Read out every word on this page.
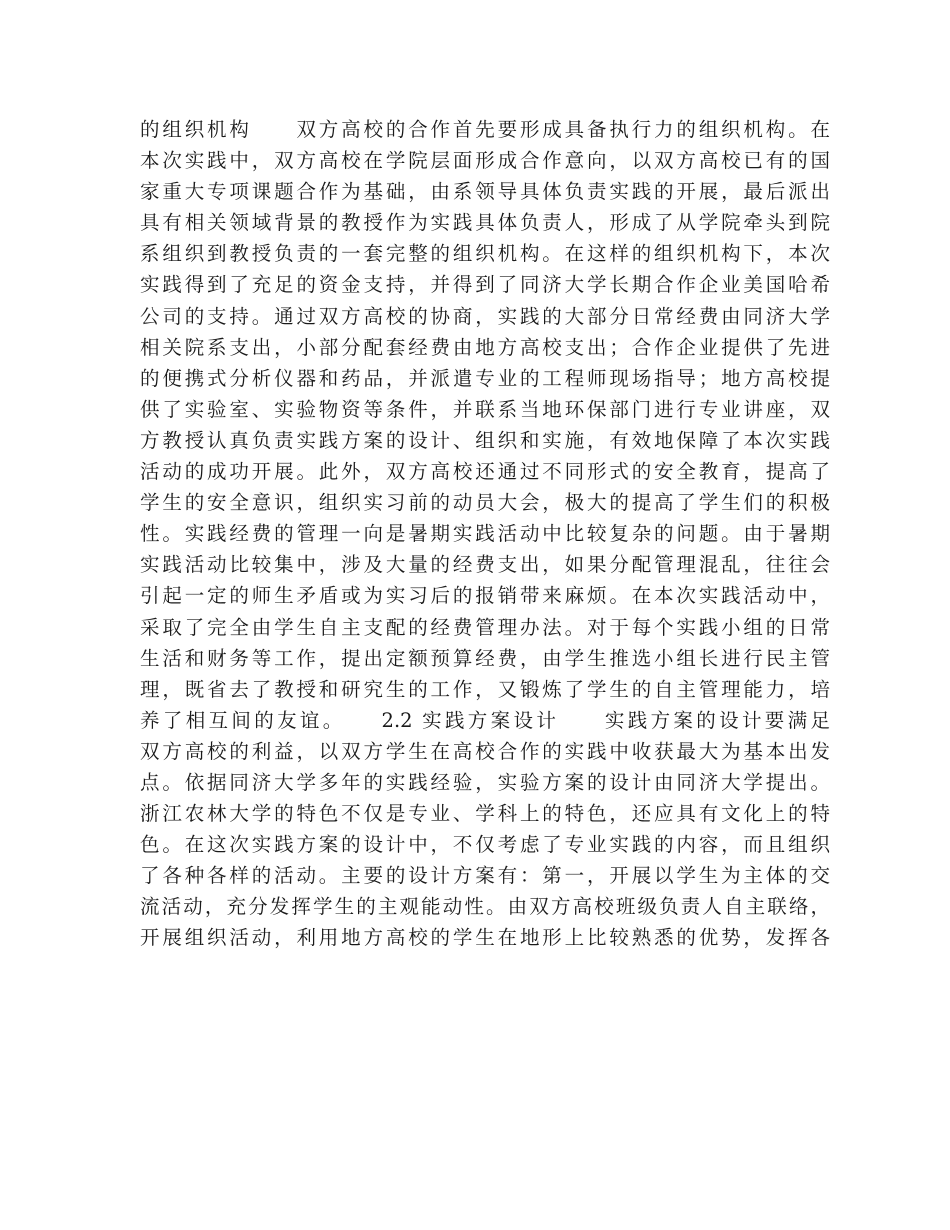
的组织机构　　双方高校的合作首先要形成具备执行力的组织机构。在
本次实践中，双方高校在学院层面形成合作意向，以双方高校已有的国
家重大专项课题合作为基础，由系领导具体负责实践的开展，最后派出
具有相关领域背景的教授作为实践具体负责人，形成了从学院牵头到院
系组织到教授负责的一套完整的组织机构。在这样的组织机构下，本次
实践得到了充足的资金支持，并得到了同济大学长期合作企业美国哈希
公司的支持。通过双方高校的协商，实践的大部分日常经费由同济大学
相关院系支出，小部分配套经费由地方高校支出；合作企业提供了先进
的便携式分析仪器和药品，并派遣专业的工程师现场指导；地方高校提
供了实验室、实验物资等条件，并联系当地环保部门进行专业讲座，双
方教授认真负责实践方案的设计、组织和实施，有效地保障了本次实践
活动的成功开展。此外，双方高校还通过不同形式的安全教育，提高了
学生的安全意识，组织实习前的动员大会，极大的提高了学生们的积极
性。实践经费的管理一向是暑期实践活动中比较复杂的问题。由于暑期
实践活动比较集中，涉及大量的经费支出，如果分配管理混乱，往往会
引起一定的师生矛盾或为实习后的报销带来麻烦。在本次实践活动中，
采取了完全由学生自主支配的经费管理办法。对于每个实践小组的日常
生活和财务等工作，提出定额预算经费，由学生推选小组长进行民主管
理，既省去了教授和研究生的工作，又锻炼了学生的自主管理能力，培
养了相互间的友谊。　　2.2 实践方案设计　　实践方案的设计要满足
双方高校的利益，以双方学生在高校合作的实践中收获最大为基本出发
点。依据同济大学多年的实践经验，实验方案的设计由同济大学提出。
浙江农林大学的特色不仅是专业、学科上的特色，还应具有文化上的特
色。在这次实践方案的设计中，不仅考虑了专业实践的内容，而且组织
了各种各样的活动。主要的设计方案有：第一，开展以学生为主体的交
流活动，充分发挥学生的主观能动性。由双方高校班级负责人自主联络，
开展组织活动，利用地方高校的学生在地形上比较熟悉的优势，发挥各
